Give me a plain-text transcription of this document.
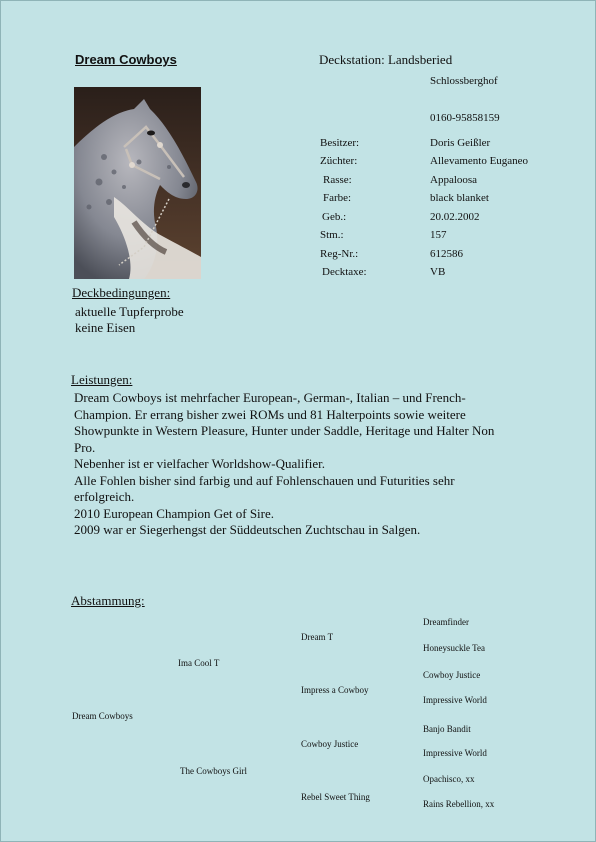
Dream Cowboys	Deckstation: Landsberied
Schlossberghof
0160-95858159
Besitzer:	Doris Geißler
Züchter:	Allevamento Euganeo
Rasse:	Appaloosa
Farbe:	black blanket
Geb.:	20.02.2002
Stm.:	157
Reg-Nr.:	612586
Decktaxe:	VB
Deckbedingungen:
aktuelle Tupferprobe
keine Eisen
Leistungen:

Dream Cowboys ist mehrfacher European-, German-, Italian – und French-

Champion. Er errang bisher zwei ROMs und 81 Halterpoints sowie weitere

Showpunkte in Western Pleasure, Hunter under Saddle, Heritage und Halter Non

Pro.

Nebenher ist er vielfacher Worldshow-Qualifier.

Alle Fohlen bisher sind farbig und auf Fohlenschauen und Futurities sehr

erfolgreich.

2010 European Champion Get of Sire.

2009 war er Siegerhengst der Süddeutschen Zuchtschau in Salgen.

Abstammung:
Dream Cowboys
Ima Cool T
The Cowboys Girl
Dream T
Impress a Cowboy
Cowboy Justice
Rebel Sweet Thing
Dreamfinder
Honeysuckle Tea
Cowboy Justice
Impressive World
Banjo Bandit
Impressive World
Opachisco, xx
Rains Rebellion, xx
